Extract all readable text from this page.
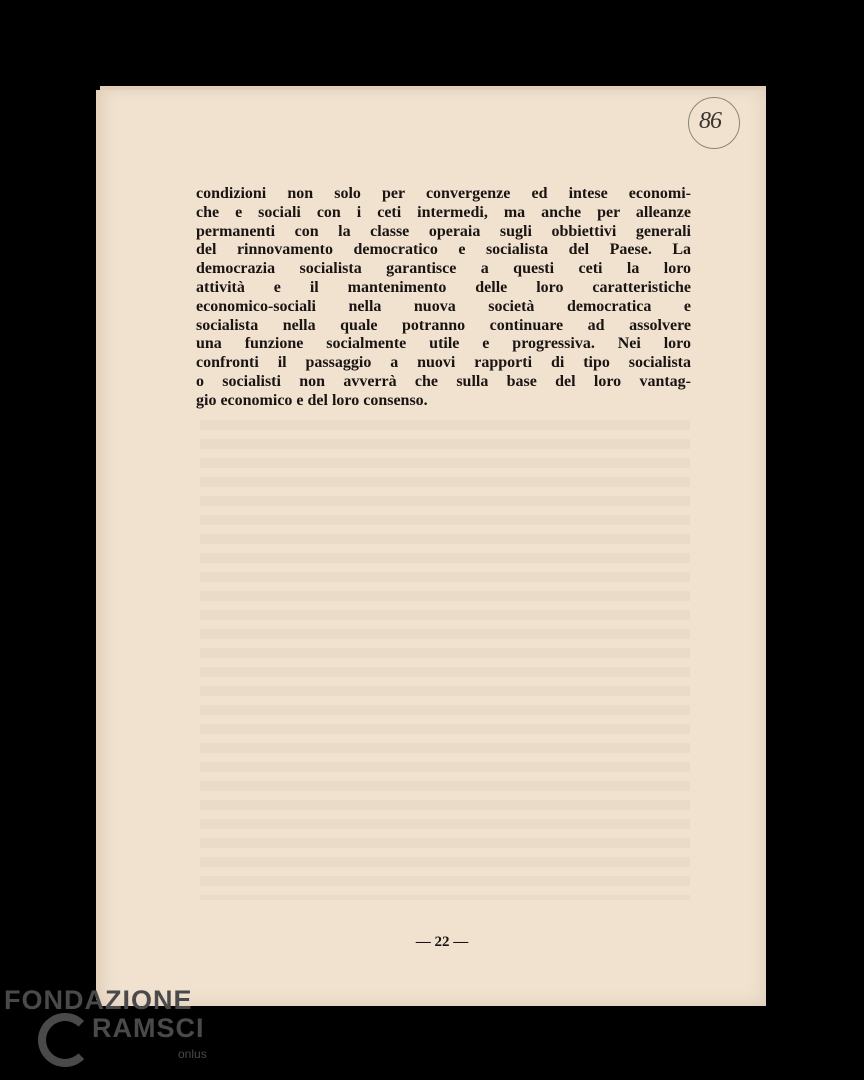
86
condizioni non solo per convergenze ed intese economi-
che e sociali con i ceti intermedi, ma anche per alleanze
permanenti con la classe operaia sugli obbiettivi generali
del rinnovamento democratico e socialista del Paese. La
democrazia socialista garantisce a questi ceti la loro
attività e il mantenimento delle loro caratteristiche
economico-sociali nella nuova società democratica e
socialista nella quale potranno continuare ad assolvere
una funzione socialmente utile e progressiva. Nei loro
confronti il passaggio a nuovi rapporti di tipo socialista
o socialisti non avverrà che sulla base del loro vantag-
gio economico e del loro consenso.
— 22 —
FONDAZIONE
RAMSCI
onlus
